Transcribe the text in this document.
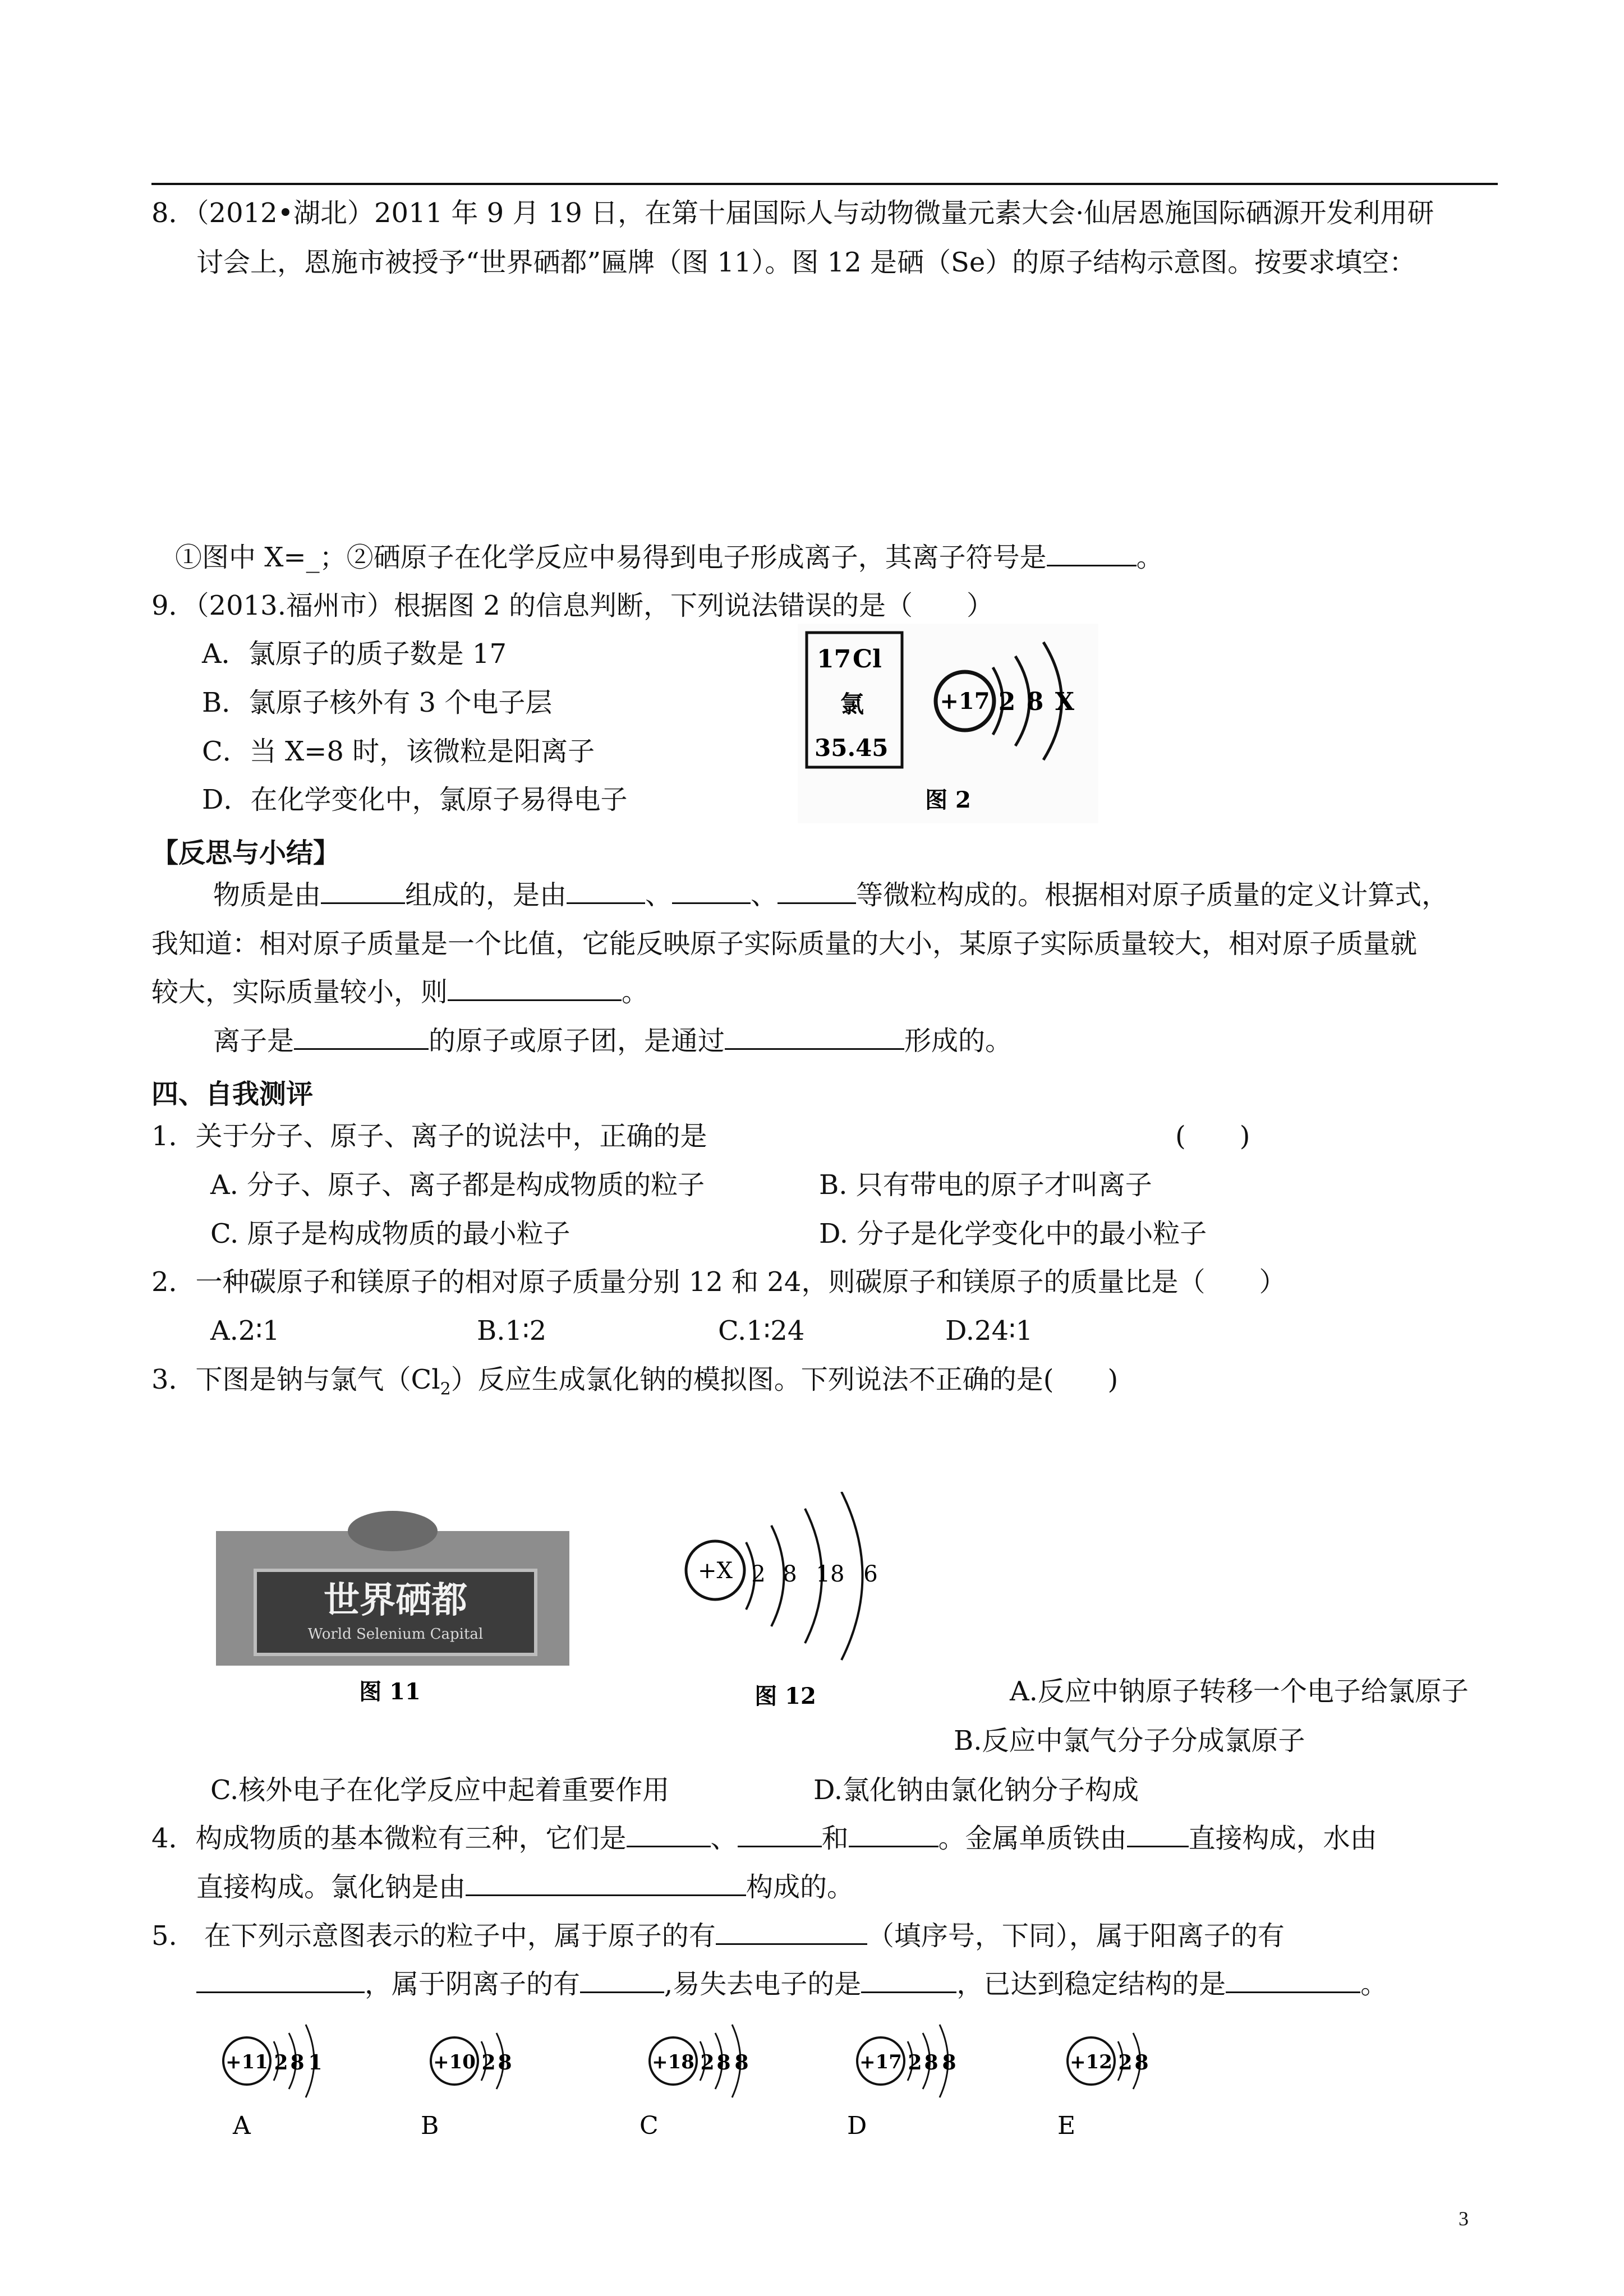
8．（2012•湖北）2011 年 9 月 19 日，在第十届国际人与动物微量元素大会·仙居恩施国际硒源开发利用研
讨会上，恩施市被授予“世界硒都”匾牌（图 11）。图 12 是硒（Se）的原子结构示意图。按要求填空：
①图中 X=_；②硒原子在化学反应中易得到电子形成离子，其离子符号是	。
9．（2013.福州市）根据图 2 的信息判断，下列说法错误的是（　　）
A．氯原子的质子数是 17
B．氯原子核外有 3 个电子层
C．当 X=8 时，该微粒是阳离子
D．在化学变化中，氯原子易得电子
17 Cl
氯
35.45
+17 2 8 X
图 2
【反思与小结】
物质是由	组成的，是由	、	、	等微粒构成的。根据相对原子质量的定义计算式，
我知道：相对原子质量是一个比值，它能反映原子实际质量的大小，某原子实际质量较大，相对原子质量就
较大，实际质量较小，则	。
离子是	的原子或原子团，是通过	形成的。
四、自我测评
1．关于分子、原子、离子的说法中，正确的是	(　　)
A. 分子、原子、离子都是构成物质的粒子	B. 只有带电的原子才叫离子
C. 原子是构成物质的最小粒子	D. 分子是化学变化中的最小粒子
2．一种碳原子和镁原子的相对原子质量分别 12 和 24，则碳原子和镁原子的质量比是（　　）
A.2∶1	B.1∶2	C.1∶24	D.24∶1
3．下图是钠与氯气$(Cl_2)$反应生成氯化钠的模拟图。下列说法不正确的是(　　)
世界硒都
World Selenium Capital
图 11
+X 2 8 18 6
图 12	A.反应中钠原子转移一个电子给氯原子
B.反应中氯气分子分成氯原子
C.核外电子在化学反应中起着重要作用	D.氯化钠由氯化钠分子构成
4．构成物质的基本微粒有三种，它们是	、	和	。金属单质铁由 直接构成，水由
直接构成。氯化钠是由	构成的。
5.　在下列示意图表示的粒子中，属于原子的有	（填序号，下同），属于阳离子的有
，属于阴离子的有	,易失去电子的是	，已达到稳定结构的是	。
+11 2 8 1
A
+10 2 8
B
+18 2 8 8
C
+17 2 8 8
D
+12 2 8
E
3
